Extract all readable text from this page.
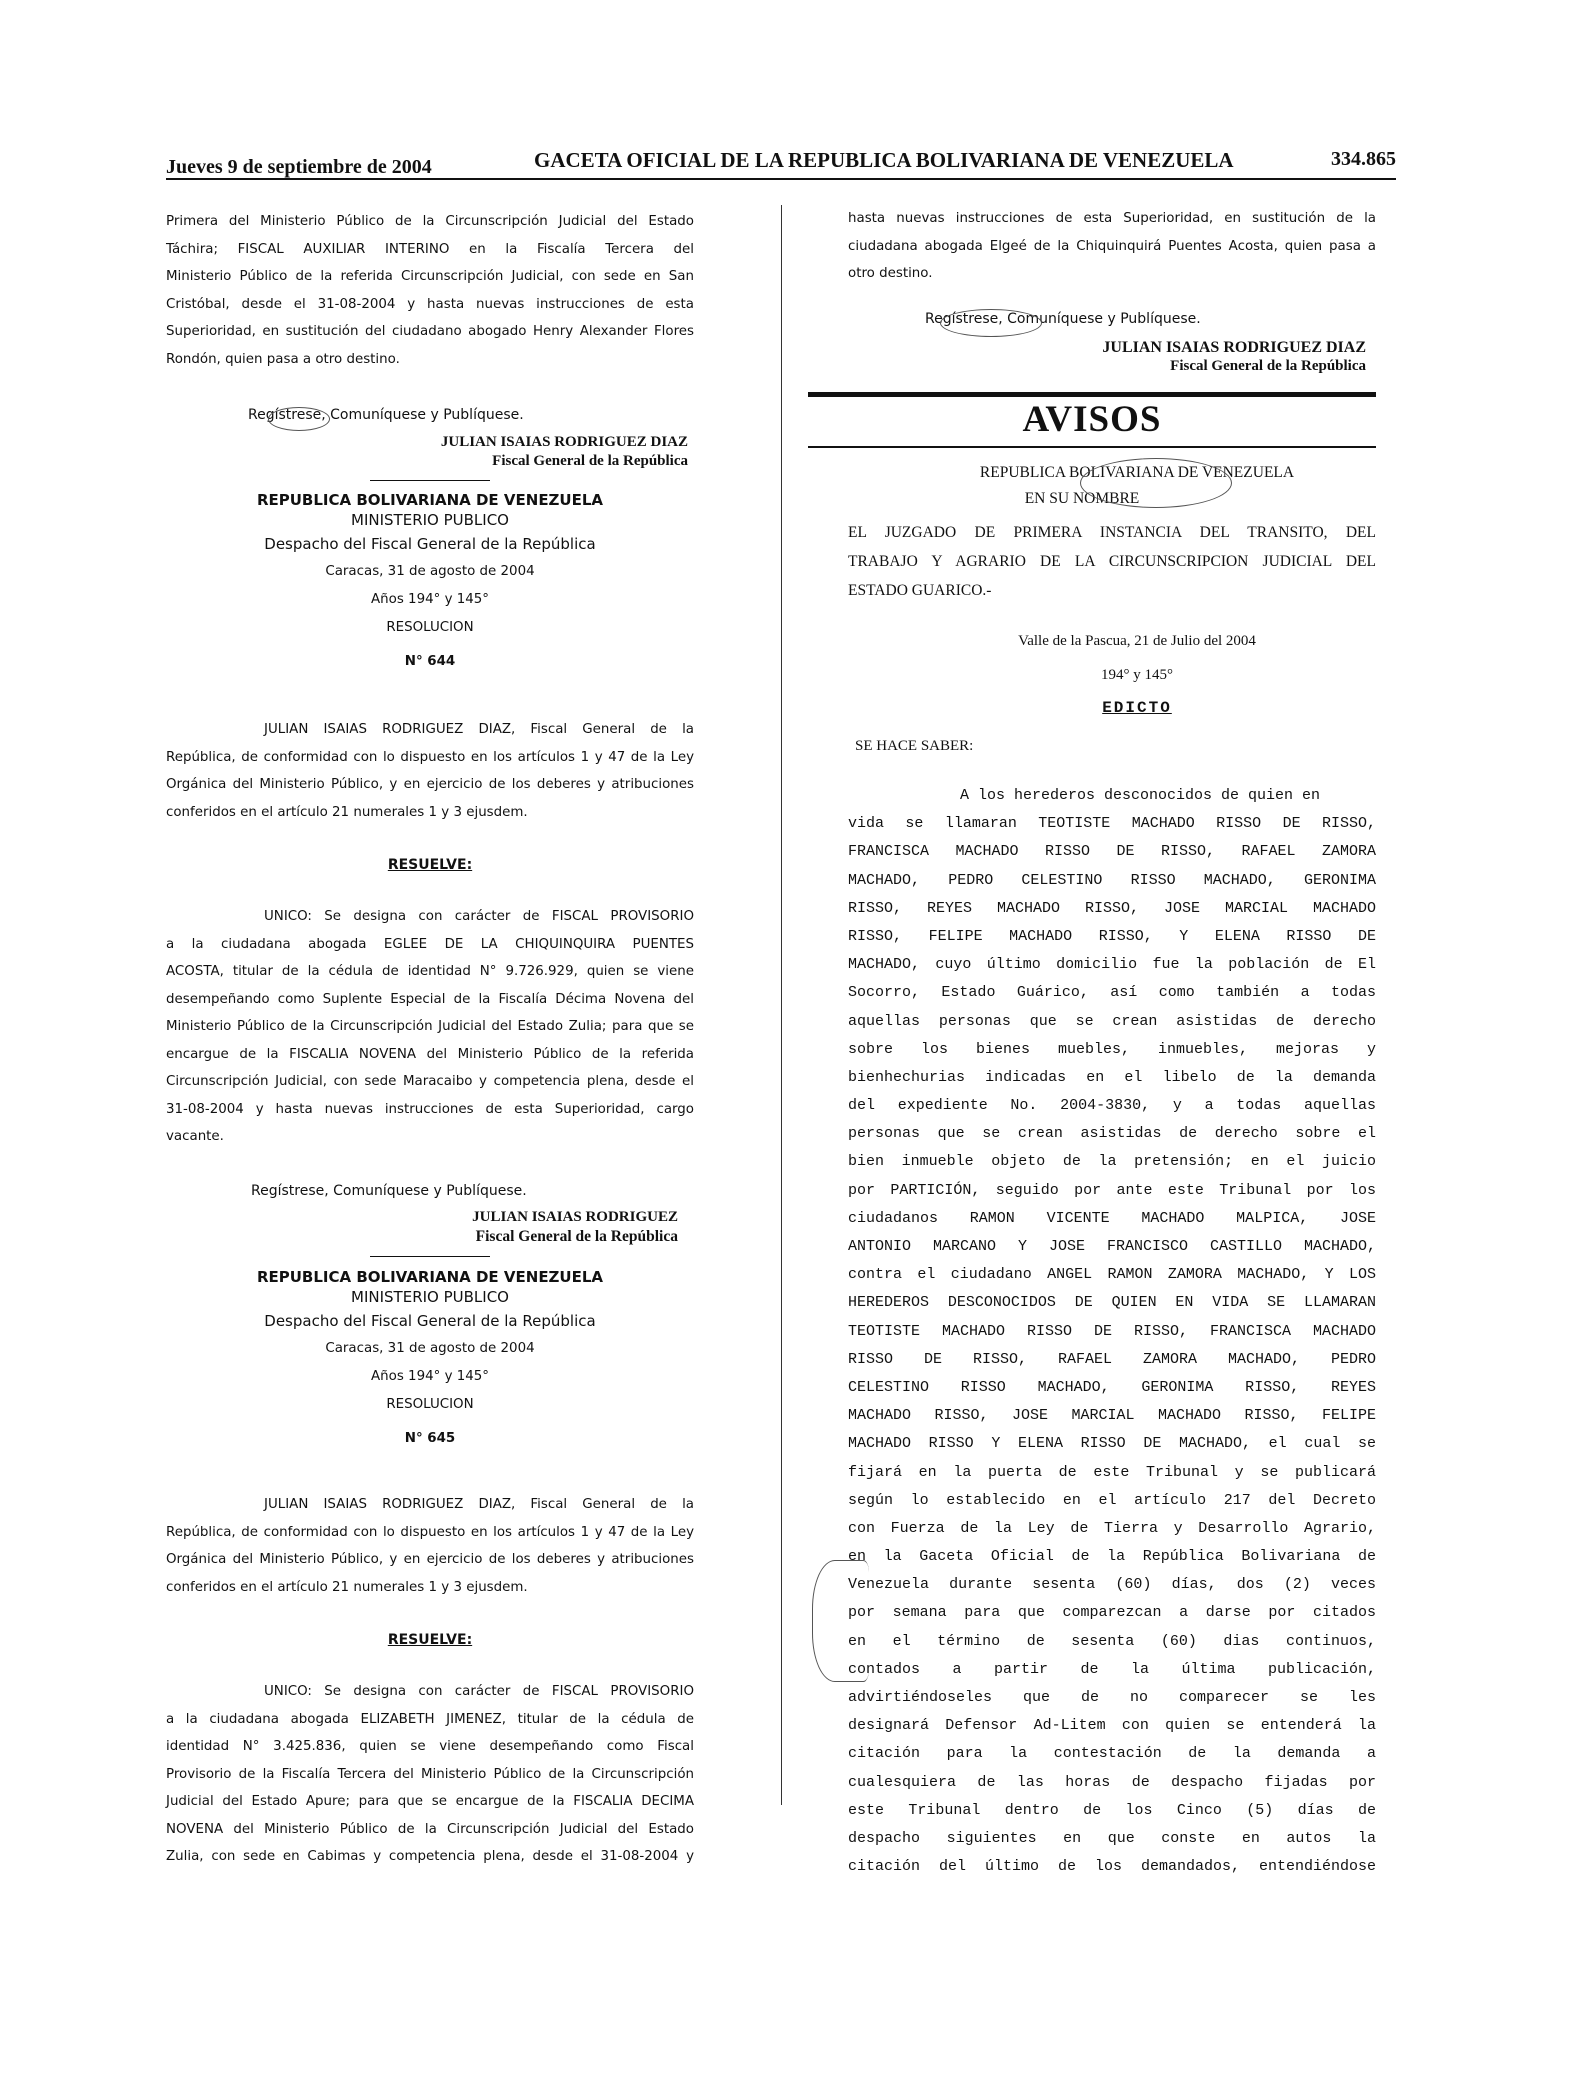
Jueves 9 de septiembre de 2004	GACETA OFICIAL DE LA REPUBLICA BOLIVARIANA DE VENEZUELA	334.865
Primera del Ministerio Público de la Circunscripción Judicial del Estado
Táchira; FISCAL AUXILIAR INTERINO en la Fiscalía Tercera del
Ministerio Público de la referida Circunscripción Judicial, con sede en San
Cristóbal, desde el 31-08-2004 y hasta nuevas instrucciones de esta
Superioridad, en sustitución del ciudadano abogado Henry Alexander Flores
Rondón, quien pasa a otro destino.
Regístrese, Comuníquese y Publíquese.
JULIAN ISAIAS RODRIGUEZ DIAZ
Fiscal General de la República
REPUBLICA BOLIVARIANA DE VENEZUELA
MINISTERIO PUBLICO
Despacho del Fiscal General de la República
Caracas, 31 de agosto de 2004
Años 194° y 145°
RESOLUCION
N° 644
JULIAN ISAIAS RODRIGUEZ DIAZ, Fiscal General de la
República, de conformidad con lo dispuesto en los artículos 1 y 47 de la Ley
Orgánica del Ministerio Público, y en ejercicio de los deberes y atribuciones
conferidos en el artículo 21 numerales 1 y 3 ejusdem.
RESUELVE:
UNICO: Se designa con carácter de FISCAL PROVISORIO
a la ciudadana abogada EGLEE DE LA CHIQUINQUIRA PUENTES
ACOSTA, titular de la cédula de identidad N° 9.726.929, quien se viene
desempeñando como Suplente Especial de la Fiscalía Décima Novena del
Ministerio Público de la Circunscripción Judicial del Estado Zulia; para que se
encargue de la FISCALIA NOVENA del Ministerio Público de la referida
Circunscripción Judicial, con sede Maracaibo y competencia plena, desde el
31-08-2004 y hasta nuevas instrucciones de esta Superioridad, cargo
vacante.
Regístrese, Comuníquese y Publíquese.
JULIAN ISAIAS RODRIGUEZ
Fiscal General de la República
REPUBLICA BOLIVARIANA DE VENEZUELA
MINISTERIO PUBLICO
Despacho del Fiscal General de la República
Caracas, 31 de agosto de 2004
Años 194° y 145°
RESOLUCION
N° 645
JULIAN ISAIAS RODRIGUEZ DIAZ, Fiscal General de la
República, de conformidad con lo dispuesto en los artículos 1 y 47 de la Ley
Orgánica del Ministerio Público, y en ejercicio de los deberes y atribuciones
conferidos en el artículo 21 numerales 1 y 3 ejusdem.
RESUELVE:
UNICO: Se designa con carácter de FISCAL PROVISORIO
a la ciudadana abogada ELIZABETH JIMENEZ, titular de la cédula de
identidad N° 3.425.836, quien se viene desempeñando como Fiscal
Provisorio de la Fiscalía Tercera del Ministerio Público de la Circunscripción
Judicial del Estado Apure; para que se encargue de la FISCALIA DECIMA
NOVENA del Ministerio Público de la Circunscripción Judicial del Estado
Zulia, con sede en Cabimas y competencia plena, desde el 31-08-2004 y
hasta nuevas instrucciones de esta Superioridad, en sustitución de la
ciudadana abogada Elgeé de la Chiquinquirá Puentes Acosta, quien pasa a
otro destino.
Regístrese, Comuníquese y Publíquese.
JULIAN ISAIAS RODRIGUEZ DIAZ
Fiscal General de la República
AVISOS
REPUBLICA BOLIVARIANA DE VENEZUELA
EN SU NOMBRE
EL JUZGADO DE PRIMERA INSTANCIA DEL TRANSITO, DEL
TRABAJO Y AGRARIO DE LA CIRCUNSCRIPCION JUDICIAL DEL
ESTADO GUARICO.-
Valle de la Pascua, 21 de Julio del 2004
194° y 145°
EDICTO
SE HACE SABER:
A los herederos desconocidos de quien en
vida se llamaran TEOTISTE MACHADO RISSO DE RISSO,
FRANCISCA MACHADO RISSO DE RISSO, RAFAEL ZAMORA
MACHADO, PEDRO CELESTINO RISSO MACHADO, GERONIMA
RISSO, REYES MACHADO RISSO, JOSE MARCIAL MACHADO
RISSO, FELIPE MACHADO RISSO, Y ELENA RISSO DE
MACHADO, cuyo último domicilio fue la población de El
Socorro, Estado Guárico, así como también a todas
aquellas personas que se crean asistidas de derecho
sobre los bienes muebles, inmuebles, mejoras y
bienhechurias indicadas en el libelo de la demanda
del expediente No. 2004-3830, y a todas aquellas
personas que se crean asistidas de derecho sobre el
bien inmueble objeto de la pretensión; en el juicio
por PARTICIÓN, seguido por ante este Tribunal por los
ciudadanos RAMON VICENTE MACHADO MALPICA, JOSE
ANTONIO MARCANO Y JOSE FRANCISCO CASTILLO MACHADO,
contra el ciudadano ANGEL RAMON ZAMORA MACHADO, Y LOS
HEREDEROS DESCONOCIDOS DE QUIEN EN VIDA SE LLAMARAN
TEOTISTE MACHADO RISSO DE RISSO, FRANCISCA MACHADO
RISSO DE RISSO, RAFAEL ZAMORA MACHADO, PEDRO
CELESTINO RISSO MACHADO, GERONIMA RISSO, REYES
MACHADO RISSO, JOSE MARCIAL MACHADO RISSO, FELIPE
MACHADO RISSO Y ELENA RISSO DE MACHADO, el cual se
fijará en la puerta de este Tribunal y se publicará
según lo establecido en el artículo 217 del Decreto
con Fuerza de la Ley de Tierra y Desarrollo Agrario,
en la Gaceta Oficial de la República Bolivariana de
Venezuela durante sesenta (60) días, dos (2) veces
por semana para que comparezcan a darse por citados
en el término de sesenta (60) dias continuos,
contados a partir de la última publicación,
advirtiéndoseles que de no comparecer se les
designará Defensor Ad-Litem con quien se entenderá la
citación para la contestación de la demanda a
cualesquiera de las horas de despacho fijadas por
este Tribunal dentro de los Cinco (5) días de
despacho siguientes en que conste en autos la
citación del último de los demandados, entendiéndose
